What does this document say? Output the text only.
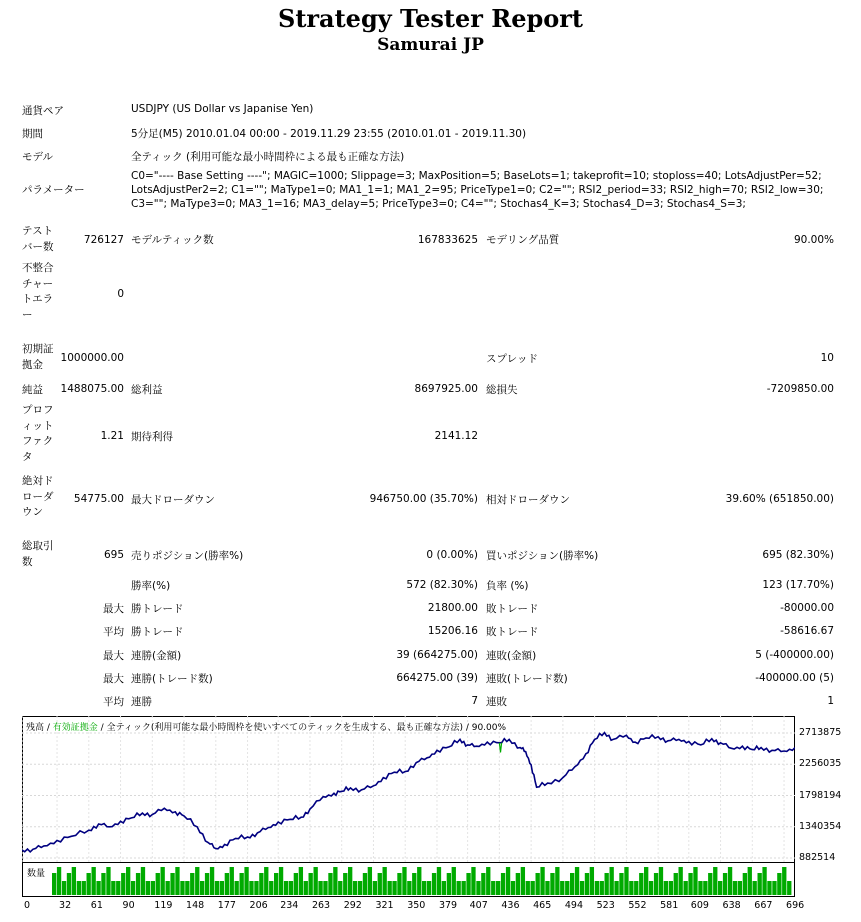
Strategy Tester Report
Samurai JP
通貨ペア	USDJPY (US Dollar vs Japanise Yen)
期間	5分足(M5) 2010.01.04 00:00 - 2019.11.29 23:55 (2010.01.01 - 2019.11.30)
モデル	全ティック (利用可能な最小時間枠による最も正確な方法)
パラメーター
C0="---- Base Setting ----"; MAGIC=1000; Slippage=3; MaxPosition=5; BaseLots=1; takeprofit=10; stoploss=40; LotsAdjustPer=52; LotsAdjustPer2=2; C1=""; MaType1=0; MA1_1=1; MA1_2=95; PriceType1=0; C2=""; RSI2_period=33; RSI2_high=70; RSI2_low=30; C3=""; MaType3=0; MA3_1=16; MA3_delay=5; PriceType3=0; C4=""; Stochas4_K=3; Stochas4_D=3; Stochas4_S=3;
テスト
バー数
726127 モデルティック数	167833625 モデリング品質	90.00%
不整合
チャー
トエラ
ー
0
初期証
拠金
1000000.00	スプレッド	10
純益 1488075.00 総利益	8697925.00 総損失	-7209850.00
プロフ
ィット
ファク
タ
1.21 期待利得	2141.12
絶対ド
ローダ
ウン
54775.00 最大ドローダウン	946750.00 (35.70%) 相対ドローダウン	39.60% (651850.00)
総取引
数
695 売りポジション(勝率%)	0 (0.00%) 買いポジション(勝率%)	695 (82.30%)
勝率(%)	572 (82.30%) 負率 (%)	123 (17.70%)
最大 勝トレード	21800.00 敗トレード	-80000.00
平均 勝トレード	15206.16 敗トレード	-58616.67
最大 連勝(金額)	39 (664275.00) 連敗(金額)	5 (-400000.00)
最大 連勝(トレード数)	664275.00 (39) 連敗(トレード数)	-400000.00 (5)
平均 連勝	7 連敗	1
残高 / 有効証拠金 / 全ティック(利用可能な最小時間枠を使いすべてのティックを生成する、最も正確な方法) / 90.00%	2713875
2256035
1798194
1340354
882514
数量
0	32 61 90 119 148 177 206 234 263 292 321 350 379 407 436 465 494 523 552 581 609 638 667 696
